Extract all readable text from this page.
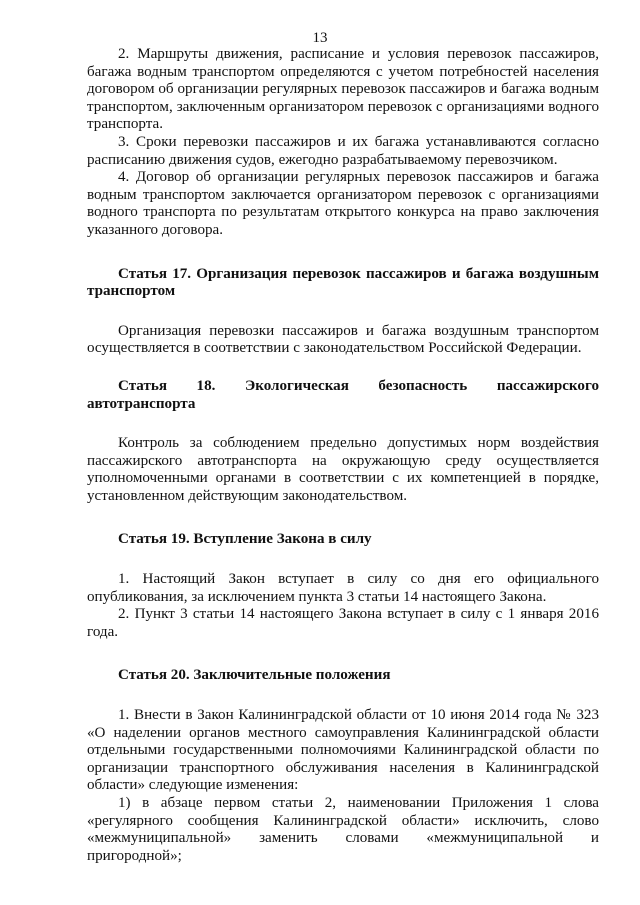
13

2. Маршруты движения, расписание и условия перевозок пассажиров, багажа водным транспортом определяются с учетом потребностей населения договором об организации регулярных перевозок пассажиров и багажа водным транспортом, заключенным организатором перевозок с организациями водного транспорта.

3. Сроки перевозки пассажиров и их багажа устанавливаются согласно расписанию движения судов, ежегодно разрабатываемому перевозчиком.

4. Договор об организации регулярных перевозок пассажиров и багажа водным транспортом заключается организатором перевозок с организациями водного транспорта по результатам открытого конкурса на право заключения указанного договора.

Статья 17. Организация перевозок пассажиров и багажа воздушным транспортом

Организация перевозки пассажиров и багажа воздушным транспортом осуществляется в соответствии с законодательством Российской Федерации.

Статья 18. Экологическая безопасность пассажирского автотранспорта

Контроль за соблюдением предельно допустимых норм воздействия пассажирского автотранспорта на окружающую среду осуществляется уполномоченными органами в соответствии с их компетенцией в порядке, установленном действующим законодательством.

Статья 19. Вступление Закона в силу

1. Настоящий Закон вступает в силу со дня его официального опубликования, за исключением пункта 3 статьи 14 настоящего Закона.

2. Пункт 3 статьи 14 настоящего Закона вступает в силу с 1 января 2016 года.

Статья 20. Заключительные положения

1. Внести в Закон Калининградской области от 10 июня 2014 года № 323 «О наделении органов местного самоуправления Калининградской области отдельными государственными полномочиями Калининградской области по организации транспортного обслуживания населения в Калининградской области» следующие изменения:

1) в абзаце первом статьи 2, наименовании Приложения 1 слова «регулярного сообщения Калининградской области» исключить, слово «межмуниципальной» заменить словами «межмуниципальной и пригородной»;
